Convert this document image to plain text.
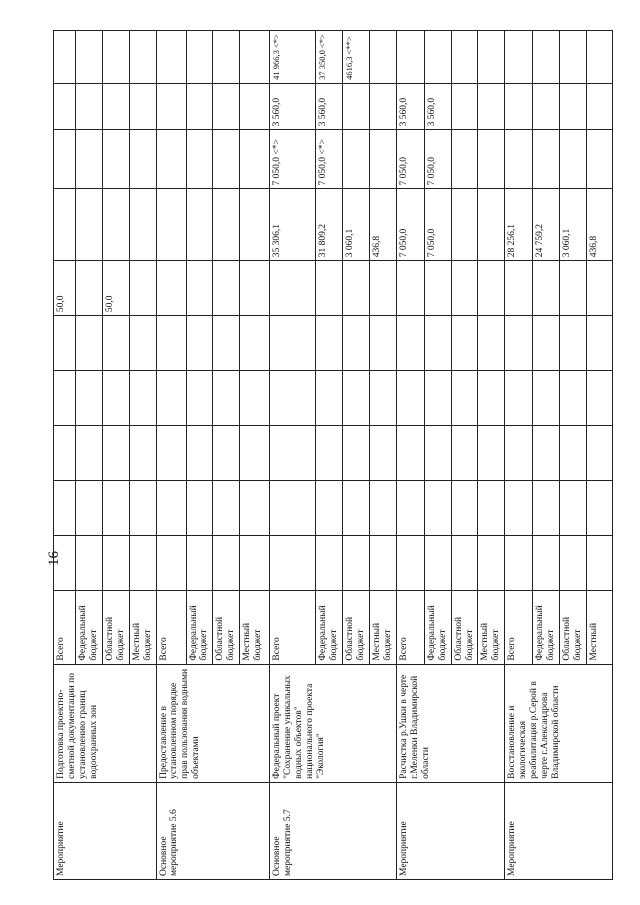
16
Мероприятие	Подготовка проектно-сметной документации по установлению границ водоохранных зон	Всего						50,0				
		Федеральный бюджет										
		Областной бюджет						50,0				
		Местный бюджет										
Основное мероприятие 5.6	Предоставление в установленном порядке прав пользования водными объектами	Всего										
		Федеральный бюджет										
		Областной бюджет										
		Местный бюджет										
Основное мероприятие 5.7	Федеральный проект "Сохранение уникальных водных объектов" национального проекта "Экология"	Всего							35 306,1	7 050,0 <*>	3 560,0	41 966,3 <*>
		Федеральный бюджет							31 809,2	7 050,0 <*>	3 560,0	37 350,0 <*>
		Областной бюджет							3 060,1			4616,3 <**>
		Местный бюджет							436,8			
Мероприятие	Расчистка р.Ушки в черте г.Меленки Владимирской области	Всего							7 050,0	7 050,0	3 560,0	
		Федеральный бюджет							7 050,0	7 050,0	3 560,0	
		Областной бюджет										
		Местный бюджет										
Мероприятие	Восстановление и экологическая реабилитация р.Серой в черте г.Александрова Владимирской области	Всего							28 256,1			
		Федеральный бюджет							24 759,2			
		Областной бюджет							3 060,1			
		Местный							436,8			
